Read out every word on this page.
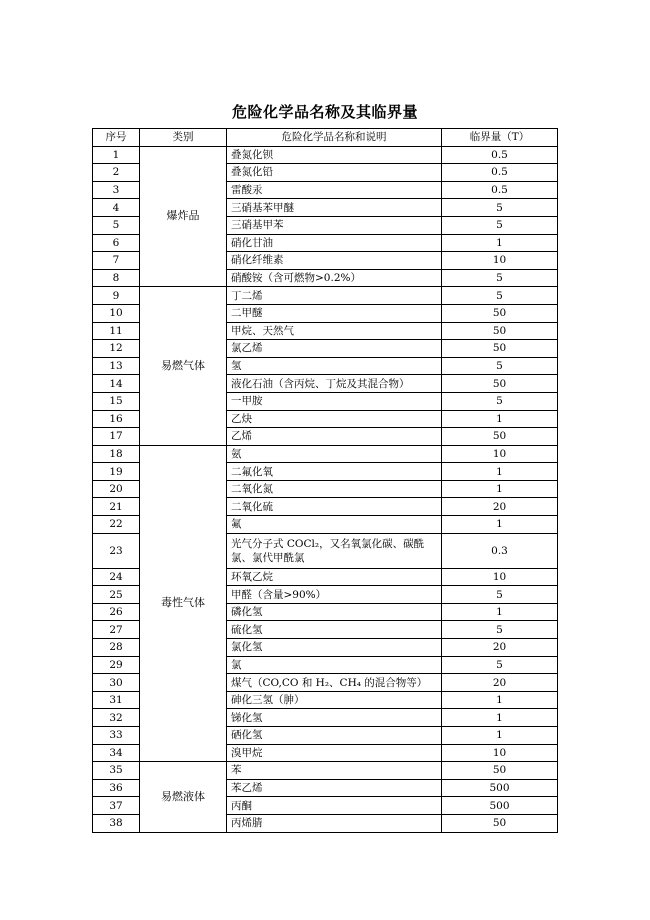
危险化学品名称及其临界量
序号	类别	危险化学品名称和说明	临界量（T）
1	爆炸品	叠氮化钡	0.5
2		叠氮化铅	0.5
3		雷酸汞	0.5
4		三硝基苯甲醚	5
5		三硝基甲苯	5
6		硝化甘油	1
7		硝化纤维素	10
8		硝酸铵（含可燃物>0.2%）	5
9	易燃气体	丁二烯	5
10		二甲醚	50
11		甲烷、天然气	50
12		氯乙烯	50
13		氢	5
14		液化石油（含丙烷、丁烷及其混合物）	50
15		一甲胺	5
16		乙炔	1
17		乙烯	50
18	毒性气体	氨	10
19		二氟化氧	1
20		二氧化氮	1
21		二氧化硫	20
22		氟	1
23		光气分子式 COCl₂，又名氧氯化碳、碳酰氯、氯代甲酰氯	0.3
24		环氧乙烷	10
25		甲醛（含量>90%）	5
26		磷化氢	1
27		硫化氢	5
28		氯化氢	20
29		氯	5
30		煤气（CO,CO 和 H₂、CH₄ 的混合物等）	20
31		砷化三氢（胂）	1
32		锑化氢	1
33		硒化氢	1
34		溴甲烷	10
35	易燃液体	苯	50
36		苯乙烯	500
37		丙酮	500
38		丙烯腈	50
